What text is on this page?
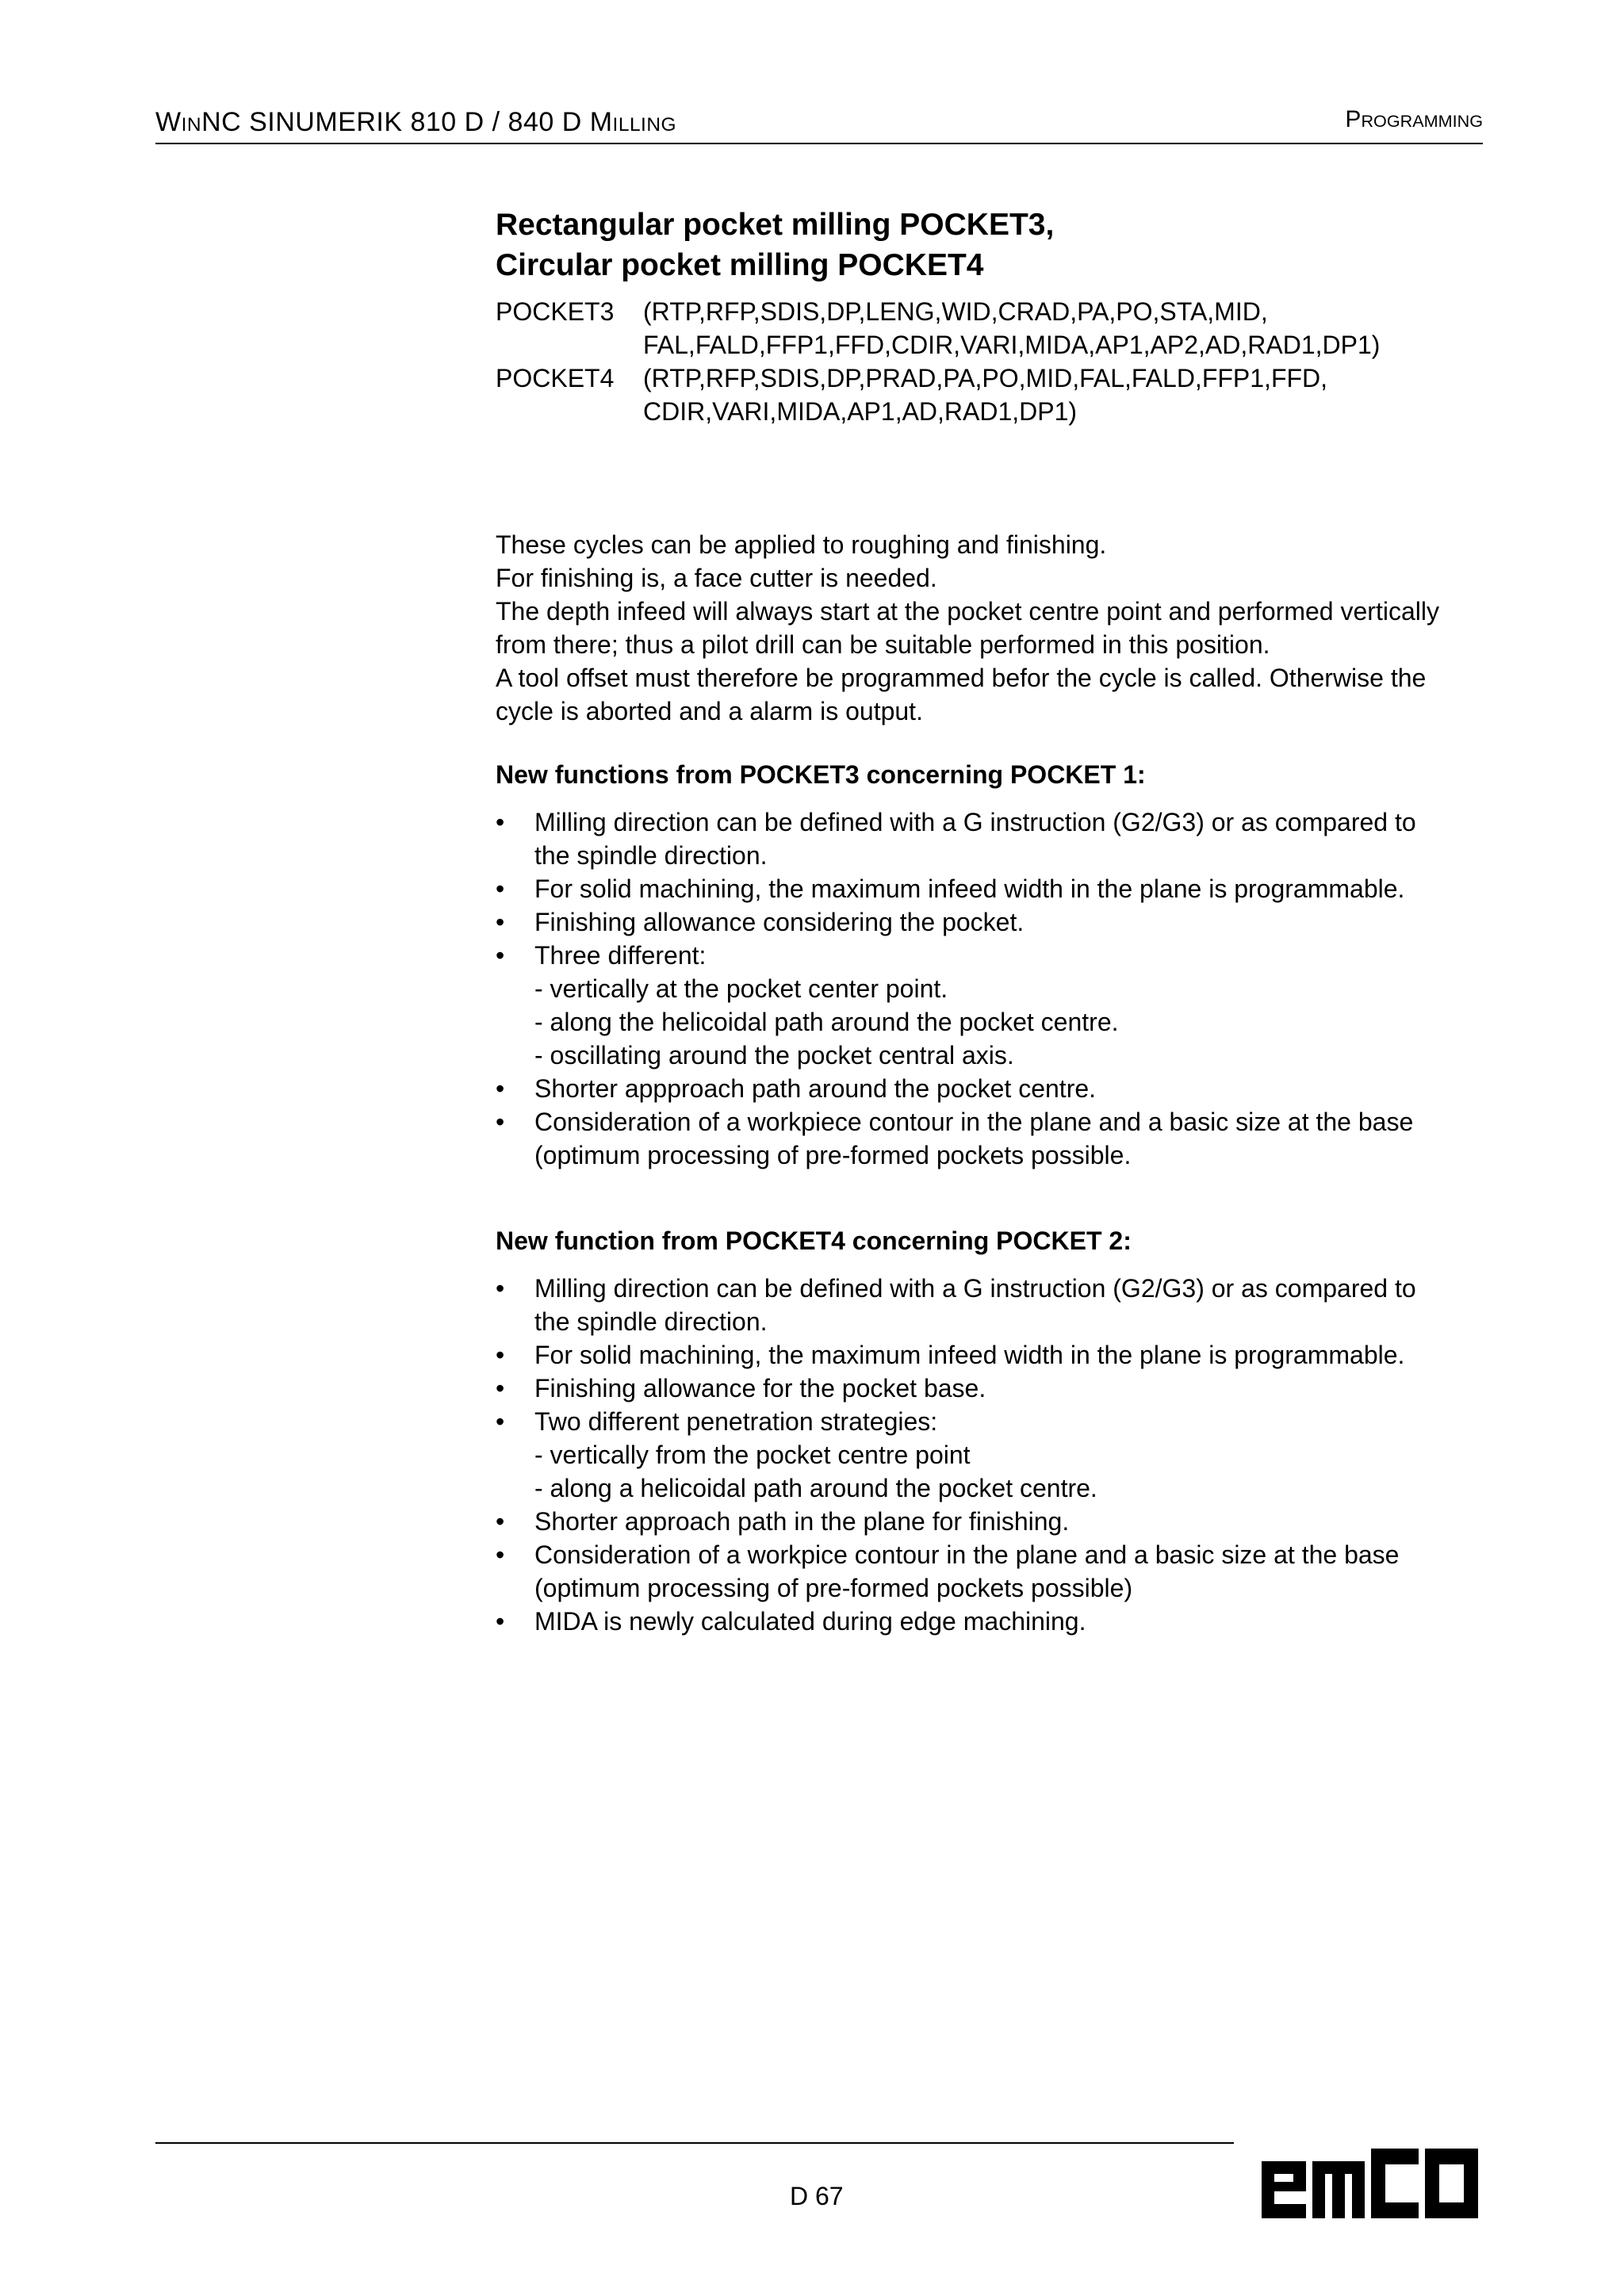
WINNC SINUMERIK 810 D / 840 D MILLING	PROGRAMMING
Rectangular pocket milling POCKET3,
Circular pocket milling POCKET4
POCKET3	(RTP,RFP,SDIS,DP,LENG,WID,CRAD,PA,PO,STA,MID,
FAL,FALD,FFP1,FFD,CDIR,VARI,MIDA,AP1,AP2,AD,RAD1,DP1)
POCKET4	(RTP,RFP,SDIS,DP,PRAD,PA,PO,MID,FAL,FALD,FFP1,FFD,
CDIR,VARI,MIDA,AP1,AD,RAD1,DP1)
These cycles can be applied to roughing and finishing.
For finishing is, a face cutter is needed.
The depth infeed will always start at the pocket centre point and performed vertically
from there; thus a pilot drill can be suitable performed in this position.
A tool offset must therefore be programmed befor the cycle is called. Otherwise the
cycle is aborted and a alarm is output.
New functions from POCKET3 concerning POCKET 1:
•	Milling direction can be defined with a G instruction (G2/G3) or as compared to
the spindle direction.
•	For solid machining, the maximum infeed width in the plane is programmable.
•	Finishing allowance considering the pocket.
•	Three different:
- vertically at the pocket center point.
- along the helicoidal path around the pocket centre.
- oscillating around the pocket central axis.
•	Shorter appproach path around the pocket centre.
•	Consideration of a workpiece contour in the plane and a basic size at the base
(optimum processing of pre-formed pockets possible.
New function from POCKET4 concerning POCKET 2:
•	Milling direction can be defined with a G instruction (G2/G3) or as compared to
the spindle direction.
•	For solid machining, the maximum infeed width in the plane is programmable.
•	Finishing allowance for the pocket base.
•	Two different penetration strategies:
- vertically from the pocket centre point
- along a helicoidal path around the pocket centre.
•	Shorter approach path in the plane for finishing.
•	Consideration of a workpice contour in the plane and a basic size at the base
(optimum processing of pre-formed pockets possible)
•	MIDA is newly calculated during edge machining.
D 67
